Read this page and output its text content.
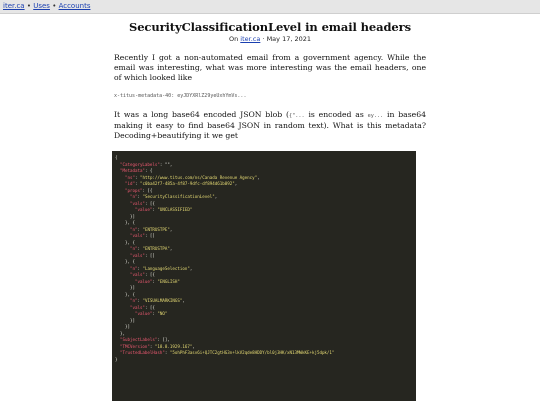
iter.ca • Uses • Accounts
SecurityClassificationLevel in email headers
On iter.ca · May 17, 2021

Recently I got a non-automated email from a government agency. While the email was interesting, what was more interesting was the email headers, one of which looked like

x-titus-metadata-40: eyJDYXRlZ29yeUxhYmVs...

It was a long base64 encoded JSON blob ({"... is encoded as ey... in base64 making it easy to find base64 JSON in random text). What is this metadata? Decoding+beautifying it we get

{
"CategoryLabels": "",
"Metadata": {
"ns": "http://www.titus.com/ns/Canada Revenue Agency",
"id": "c0ba42f7-485a-4f87-9dfc-df894d61b092",
"props": [{
"n": "SecurityClassificationLevel",
"vals": [{
"value": "UNCLASSIFIED"
}]
}, {
"n": "ENTRUSTPE",
"vals": []
}, {
"n": "ENTRUSTPA",
"vals": []
}, {
"n": "LanguageSelection",
"vals": [{
"value": "ENGLISH"
}]
}, {
"n": "VISUALMARKINGS",
"vals": [{
"value": "NO"
}]
}]
},
"SubjectLabels": [],
"TMCVersion": "18.8.1929.167",
"TrustedLabelHash": "5ohPhF3asv6i+QJTC2gtHG3n+lkV2qde8HDDY/bl0j3HK/xN13MWkKE+kj5dpk/1"
}
